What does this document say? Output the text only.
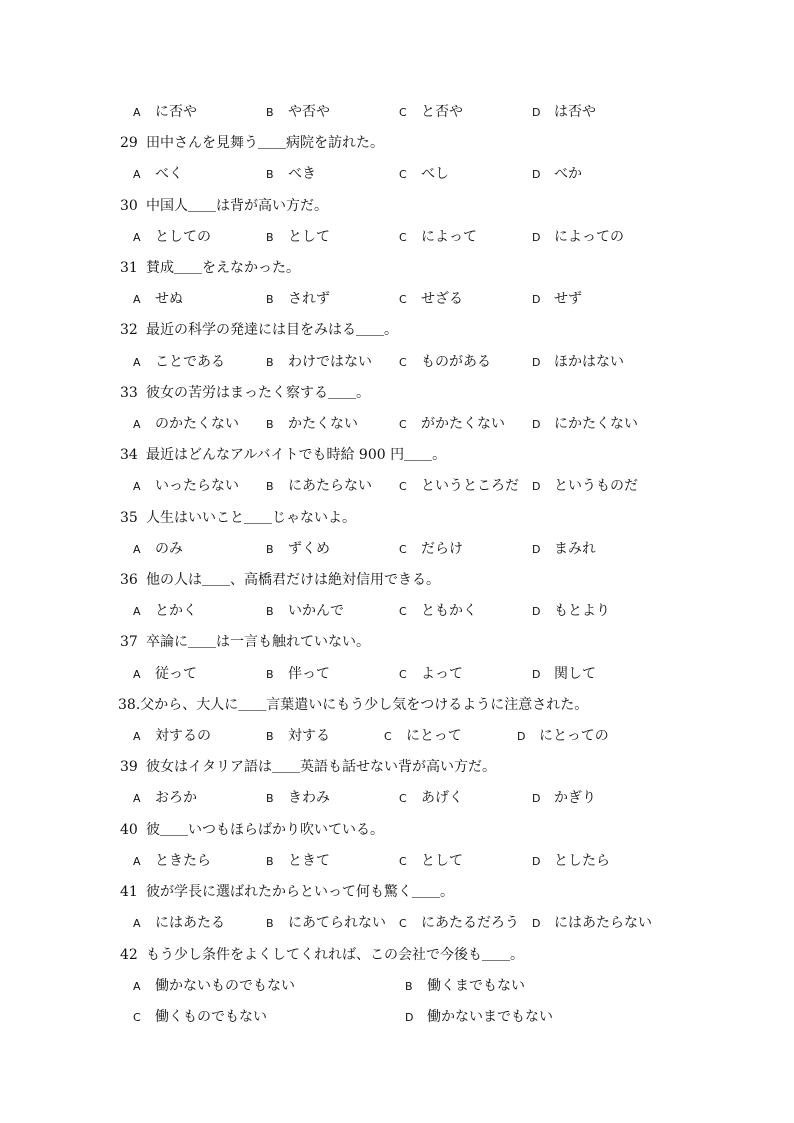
A に否や	B や否や	C と否や	D は否や
29 田中さんを見舞う＿＿病院を訪れた。
A べく	B べき	C べし	D べか
30 中国人＿＿は背が高い方だ。
A としての	B として	C によって	D によっての
31 賛成＿＿をえなかった。
A せぬ	B されず	C せざる	D せず
32 最近の科学の発達には目をみはる＿＿。
A ことである	B わけではない C ものがある	D ほかはない
33 彼女の苦労はまったく察する＿＿。
A のかたくない B かたくない	C がかたくない D にかたくない
34 最近はどんなアルバイトでも時給 900 円＿＿。
A いったらない B にあたらない C というところだ D というものだ
35 人生はいいこと＿＿じゃないよ。
A のみ	B ずくめ	C だらけ	D まみれ
36 他の人は＿＿、高橋君だけは絶対信用できる。
A とかく	B いかんで	C ともかく	D もとより
37 卒論に＿＿は一言も触れていない。
A 従って	B 伴って	C よって	D 関して
38.父から、大人に＿＿言葉遣いにもう少し気をつけるように注意された。
A 対するの	B 対する	C にとって	D にとっての
39 彼女はイタリア語は＿＿英語も話せない背が高い方だ。
A おろか	B きわみ	C あげく	D かぎり
40 彼＿＿いつもほらばかり吹いている。
A ときたら	B ときて	C として	D としたら
41 彼が学長に選ばれたからといって何も驚く＿＿。
A にはあたる	B にあてられない C にあたるだろう D にはあたらない
42 もう少し条件をよくしてくれれば、この会社で今後も＿＿。
A 働かないものでもない	B 働くまでもない
C 働くものでもない	D 働かないまでもない
